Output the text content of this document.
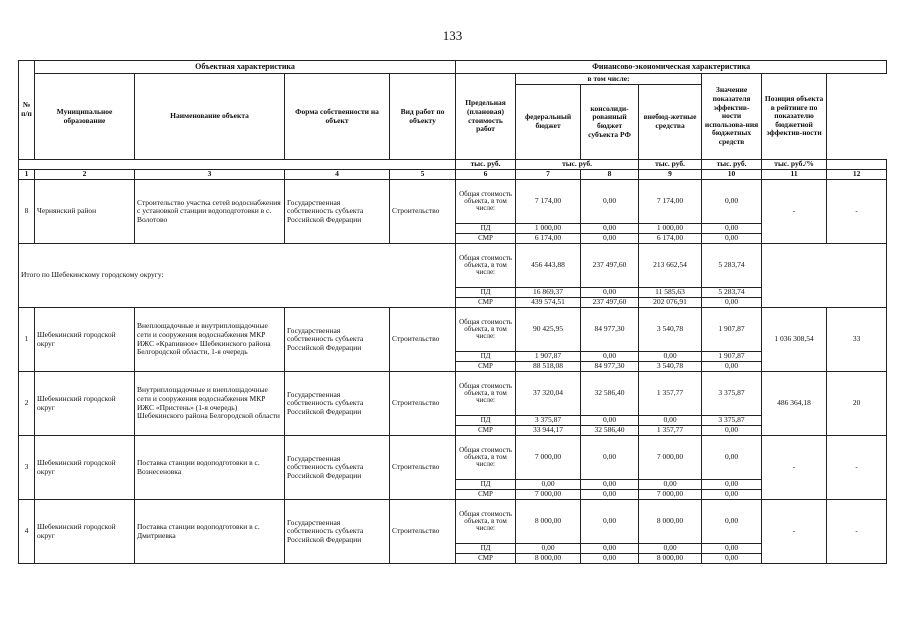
133
№ п/п	Объектная характеристика				Финансово-экономическая характеристика						
	Муниципальное образование	Наименование объекта	Форма собственности на объект	Вид работ по объекту	Предельная (плановая) стоимость работ	в том числе:			Значение показателя эффектив-ности использова-ния бюджетных средств	Позиция объекта в рейтинге по показателю бюджетной эффектив-ности	
						федеральный бюджет	консолиди-рованный бюджет субъекта РФ	внебюд-жетные средства			
					тыс. руб.	тыс. руб.		тыс. руб.	тыс. руб.	тыс. руб./%	
1	2	3	4	5	6	7	8	9	10	11	12
8	Чернянский район	Строительство участка сетей водоснабжения с установкой станции водоподготовки в с. Волотово	Государственная собственность субъекта Российской Федерации	Строительство	Общая стоимость объекта, в том числе:	7 174,00	0,00	7 174,00	0,00	-	-
					ПД	1 000,00	0,00	1 000,00	0,00		
					СМР	6 174,00	0,00	6 174,00	0,00		
Итого по Шебекинскому городскому округу:					Общая стоимость объекта, в том числе:	456 443,88	237 497,60	213 662,54	5 283,74		
					ПД	16 869,37	0,00	11 585,63	5 283,74		
					СМР	439 574,51	237 497,60	202 076,91	0,00		
1	Шебекинский городской округ	Внеплощадочные и внутриплощадочные сети и сооружения водоснабжения МКР ИЖС «Крапивное» Шебекинского района Белгородской области, 1-я очередь	Государственная собственность субъекта Российской Федерации	Строительство	Общая стоимость объекта, в том числе:	90 425,95	84 977,30	3 540,78	1 907,87	1 036 308,54	33
					ПД	1 907,87	0,00	0,00	1 907,87		
					СМР	88 518,08	84 977,30	3 540,78	0,00		
2	Шебекинский городской округ	Внутриплощадочные и внеплощадочные сети и сооружения водоснабжения МКР ИЖС «Пристень» (1-я очередь) Шебекинского района Белгородской области	Государственная собственность субъекта Российской Федерации	Строительство	Общая стоимость объекта, в том числе:	37 320,04	32 586,40	1 357,77	3 375,87	486 364,18	20
					ПД	3 375,87	0,00	0,00	3 375,87		
					СМР	33 944,17	32 586,40	1 357,77	0,00		
3	Шебекинский городской округ	Поставка станции водоподготовки в с. Вознесеновка	Государственная собственность субъекта Российской Федерации	Строительство	Общая стоимость объекта, в том числе:	7 000,00	0,00	7 000,00	0,00	-	-
					ПД	0,00	0,00	0,00	0,00		
					СМР	7 000,00	0,00	7 000,00	0,00		
4	Шебекинский городской округ	Поставка станции водоподготовки в с. Дмитриевка	Государственная собственность субъекта Российской Федерации	Строительство	Общая стоимость объекта, в том числе:	8 000,00	0,00	8 000,00	0,00	-	-
					ПД	0,00	0,00	0,00	0,00		
					СМР	8 000,00	0,00	8 000,00	0,00		
